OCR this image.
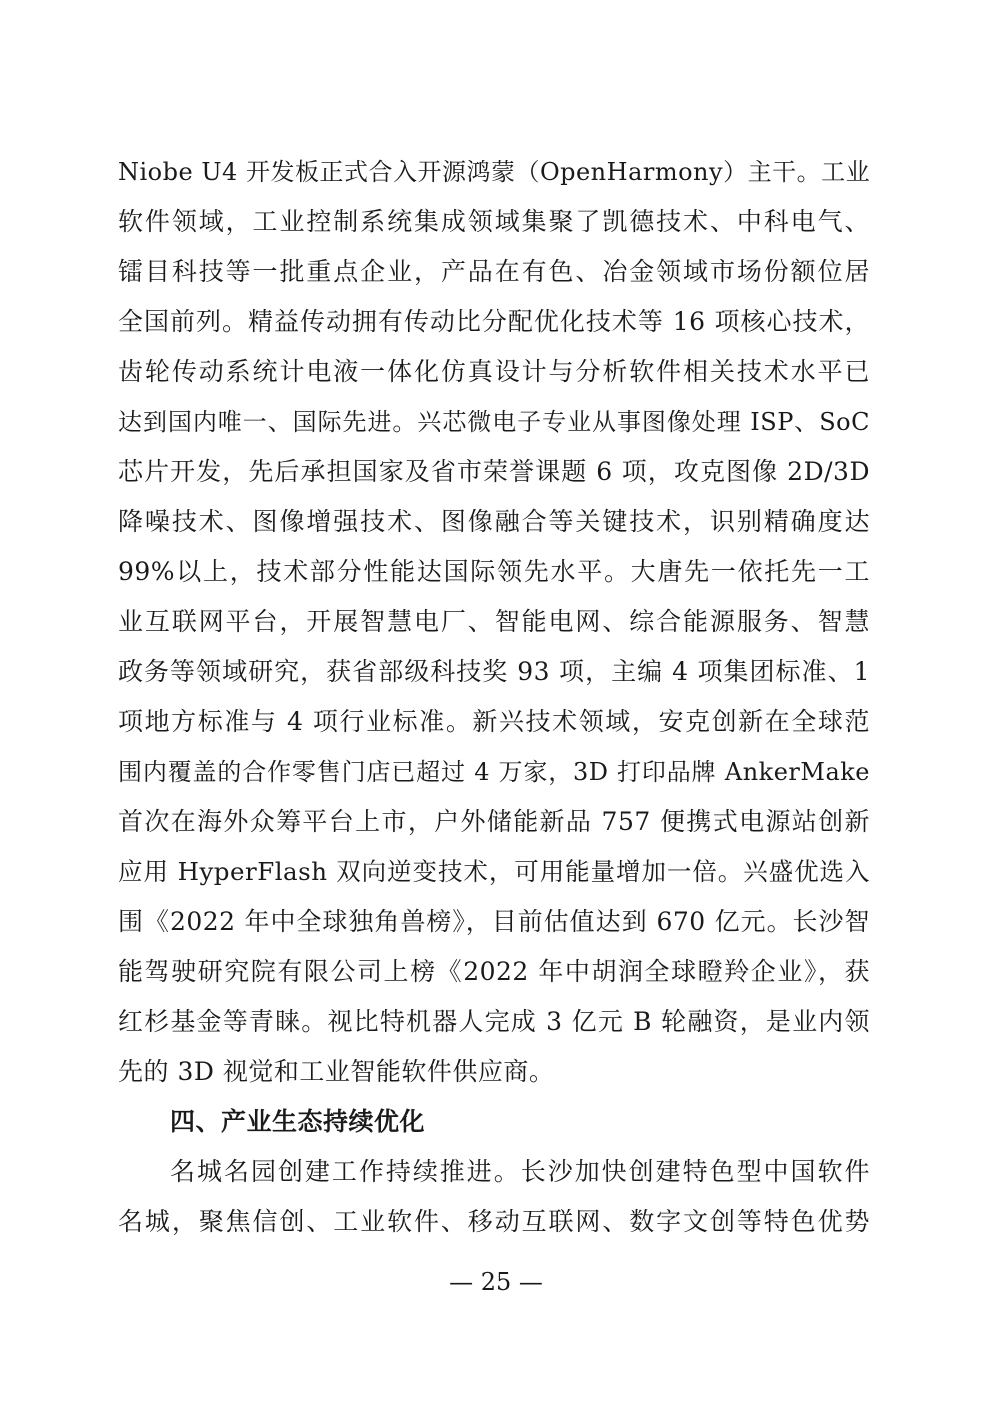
Niobe U4 开发板正式合入开源鸿蒙（OpenHarmony）主干。工业
软件领域，工业控制系统集成领域集聚了凯德技术、中科电气、
镭目科技等一批重点企业，产品在有色、冶金领域市场份额位居
全国前列。精益传动拥有传动比分配优化技术等 16 项核心技术，
齿轮传动系统计电液一体化仿真设计与分析软件相关技术水平已
达到国内唯一、国际先进。兴芯微电子专业从事图像处理 ISP、SoC
芯片开发，先后承担国家及省市荣誉课题 6 项，攻克图像 2D/3D
降噪技术、图像增强技术、图像融合等关键技术，识别精确度达
99%以上，技术部分性能达国际领先水平。大唐先一依托先一工
业互联网平台，开展智慧电厂、智能电网、综合能源服务、智慧
政务等领域研究，获省部级科技奖 93 项，主编 4 项集团标准、1
项地方标准与 4 项行业标准。新兴技术领域，安克创新在全球范
围内覆盖的合作零售门店已超过 4 万家，3D 打印品牌 AnkerMake
首次在海外众筹平台上市，户外储能新品 757 便携式电源站创新
应用 HyperFlash 双向逆变技术，可用能量增加一倍。兴盛优选入
围《2022 年中全球独角兽榜》，目前估值达到 670 亿元。长沙智
能驾驶研究院有限公司上榜《2022 年中胡润全球瞪羚企业》，获
红杉基金等青睐。视比特机器人完成 3 亿元 B 轮融资，是业内领
先的 3D 视觉和工业智能软件供应商。
四、产业生态持续优化
名城名园创建工作持续推进。长沙加快创建特色型中国软件
名城，聚焦信创、工业软件、移动互联网、数字文创等特色优势
— 25 —
